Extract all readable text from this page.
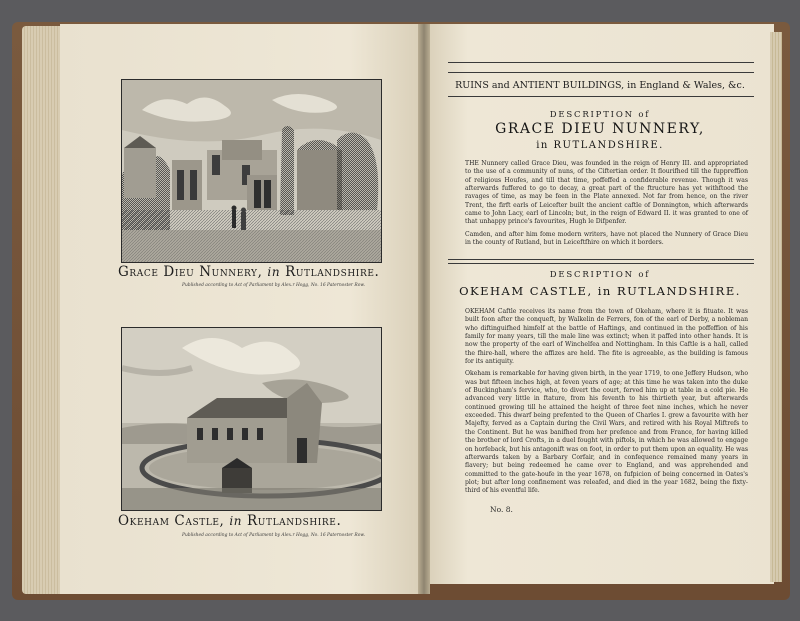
Grace Dieu Nunnery, in Rutlandshire.
Published according to Act of Parliament by Alex.r Hogg, No. 16 Paternoster Row.
Okeham Castle, in Rutlandshire.
Published according to Act of Parliament by Alex.r Hogg, No. 16 Paternoster Row.
RUINS and ANTIENT BUILDINGS, in England & Wales, &c.
DESCRIPTION of
GRACE DIEU NUNNERY,
in RUTLANDSHIRE.

THE Nunnery called Grace Dieu, was founded in the reign of Henry III. and appropriated to the use of a community of nuns, of the Ciftertian order. It flourifhed till the fuppreffion of religious Houfes, and till that time, poffeffed a confiderable revenue. Though it was afterwards fuffered to go to decay, a great part of the ftructure has yet withftood the ravages of time, as may be feen in the Plate annexed. Not far from hence, on the river Trent, the firft earls of Leicefter built the ancient caftle of Donnington, which afterwards came to John Lacy, earl of Lincoln; but, in the reign of Edward II. it was granted to one of that unhappy prince's favourites, Hugh le Difpenfer.

Camden, and after him fome modern writers, have not placed the Nunnery of Grace Dieu in the county of Rutland, but in Leiceftfhire on which it borders.

DESCRIPTION of
OKEHAM CASTLE, in RUTLANDSHIRE.

OKEHAM Caftle receives its name from the town of Okeham, where it is fituate. It was built foon after the conqueft, by Walkelin de Ferrers, fon of the earl of Derby, a nobleman who diftinguifhed himfelf at the battle of Haftings, and continued in the poffeffion of his family for many years, till the male line was extinct; when it paffed into other hands. It is now the property of the earl of Winchelfea and Nottingham. In this Caftle is a hall, called the fhire-hall, where the affizes are held. The fite is agreeable, as the building is famous for its antiquity.

Okeham is remarkable for having given birth, in the year 1719, to one Jeffery Hudson, who was but fifteen inches high, at feven years of age; at this time he was taken into the duke of Buckingham's fervice, who, to divert the court, ferved him up at table in a cold pie. He advanced very little in ftature, from his feventh to his thirtieth year, but afterwards continued growing till he attained the height of three feet nine inches, which he never exceeded. This dwarf being prefented to the Queen of Charles I. grew a favourite with her Majefty, ferved as a Captain during the Civil Wars, and retired with his Royal Miftrefs to the Continent. But he was banifhed from her prefence and from France, for having killed the brother of lord Crofts, in a duel fought with piftols, in which he was allowed to engage on horfeback, but his antagonift was on foot, in order to put them upon an equality. He was afterwards taken by a Barbary Corfair, and in confequence remained many years in flavery; but being redeemed he came over to England, and was apprehended and committed to the gate-houfe in the year 1678, on fufpicion of being concerned in Oates's plot; but after long confinement was releafed, and died in the year 1682, being the fixty-third of his eventful life.

No. 8.
